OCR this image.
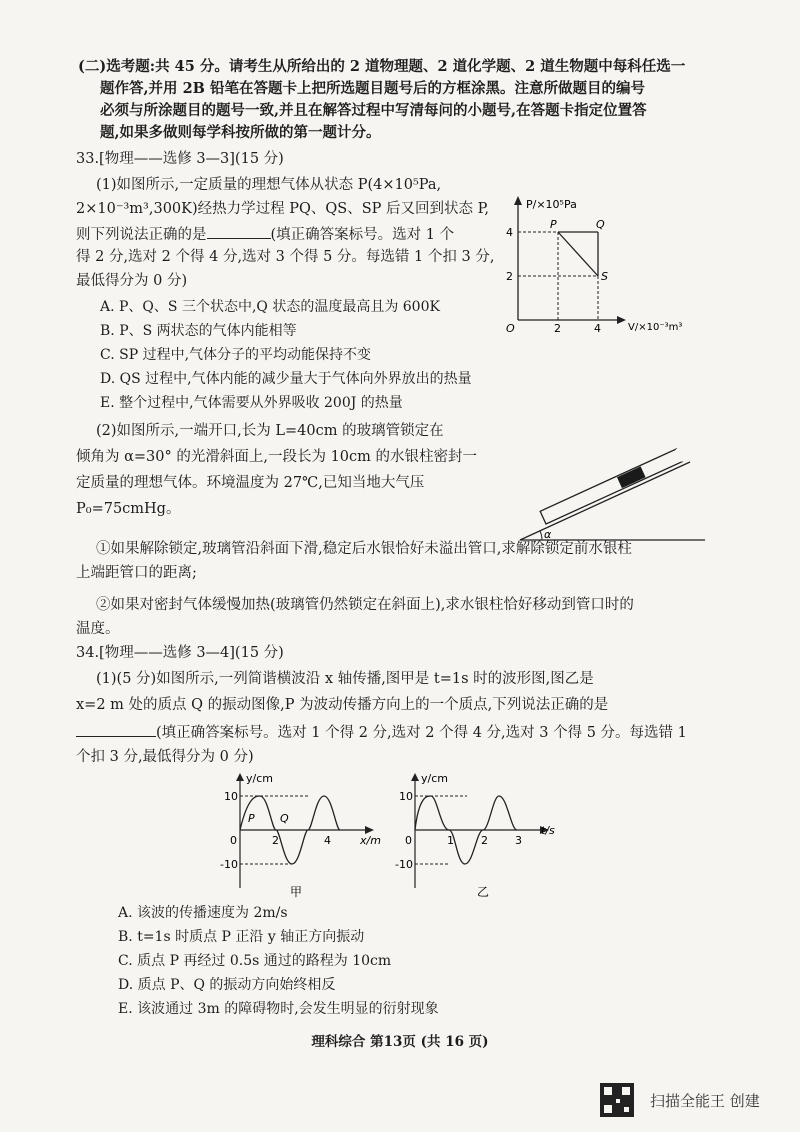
(二)选考题:共 45 分。请考生从所给出的 2 道物理题、2 道化学题、2 道生物题中每科任选一
题作答,并用 2B 铅笔在答题卡上把所选题目题号后的方框涂黑。注意所做题目的编号
必须与所涂题目的题号一致,并且在解答过程中写清每问的小题号,在答题卡指定位置答
题,如果多做则每学科按所做的第一题计分。
33.[物理——选修 3—3](15 分)
(1)如图所示,一定质量的理想气体从状态 P(4×10⁵Pa,
2×10⁻³m³,300K)经热力学过程 PQ、QS、SP 后又回到状态 P,
则下列说法正确的是	(填正确答案标号。选对 1 个
得 2 分,选对 2 个得 4 分,选对 3 个得 5 分。每选错 1 个扣 3 分,
最低得分为 0 分)
A. P、Q、S 三个状态中,Q 状态的温度最高且为 600K
B. P、S 两状态的气体内能相等
C. SP 过程中,气体分子的平均动能保持不变
D. QS 过程中,气体内能的减少量大于气体向外界放出的热量
E. 整个过程中,气体需要从外界吸收 200J 的热量
P/×10⁵Pa
V/×10⁻³m³
O
4
2
2	4
P	Q
S
(2)如图所示,一端开口,长为 L=40cm 的玻璃管锁定在
倾角为 α=30° 的光滑斜面上,一段长为 10cm 的水银柱密封一
定质量的理想气体。环境温度为 27℃,已知当地大气压
P₀=75cmHg。
α
①如果解除锁定,玻璃管沿斜面下滑,稳定后水银恰好未溢出管口,求解除锁定前水银柱
上端距管口的距离;
②如果对密封气体缓慢加热(玻璃管仍然锁定在斜面上),求水银柱恰好移动到管口时的
温度。
34.[物理——选修 3—4](15 分)
(1)(5 分)如图所示,一列简谐横波沿 x 轴传播,图甲是 t=1s 时的波形图,图乙是
x=2 m 处的质点 Q 的振动图像,P 为波动传播方向上的一个质点,下列说法正确的是
(填正确答案标号。选对 1 个得 2 分,选对 2 个得 4 分,选对 3 个得 5 分。每选错 1
个扣 3 分,最低得分为 0 分)
y/cm
x/m
10
-10
0	2	4
P Q
甲
y/cm
t/s
10
-10
0	1 2 3
乙
A. 该波的传播速度为 2m/s
B. t=1s 时质点 P 正沿 y 轴正方向振动
C. 质点 P 再经过 0.5s 通过的路程为 10cm
D. 质点 P、Q 的振动方向始终相反
E. 该波通过 3m 的障碍物时,会发生明显的衍射现象
理科综合 第13页 (共 16 页)
扫描全能王 创建
